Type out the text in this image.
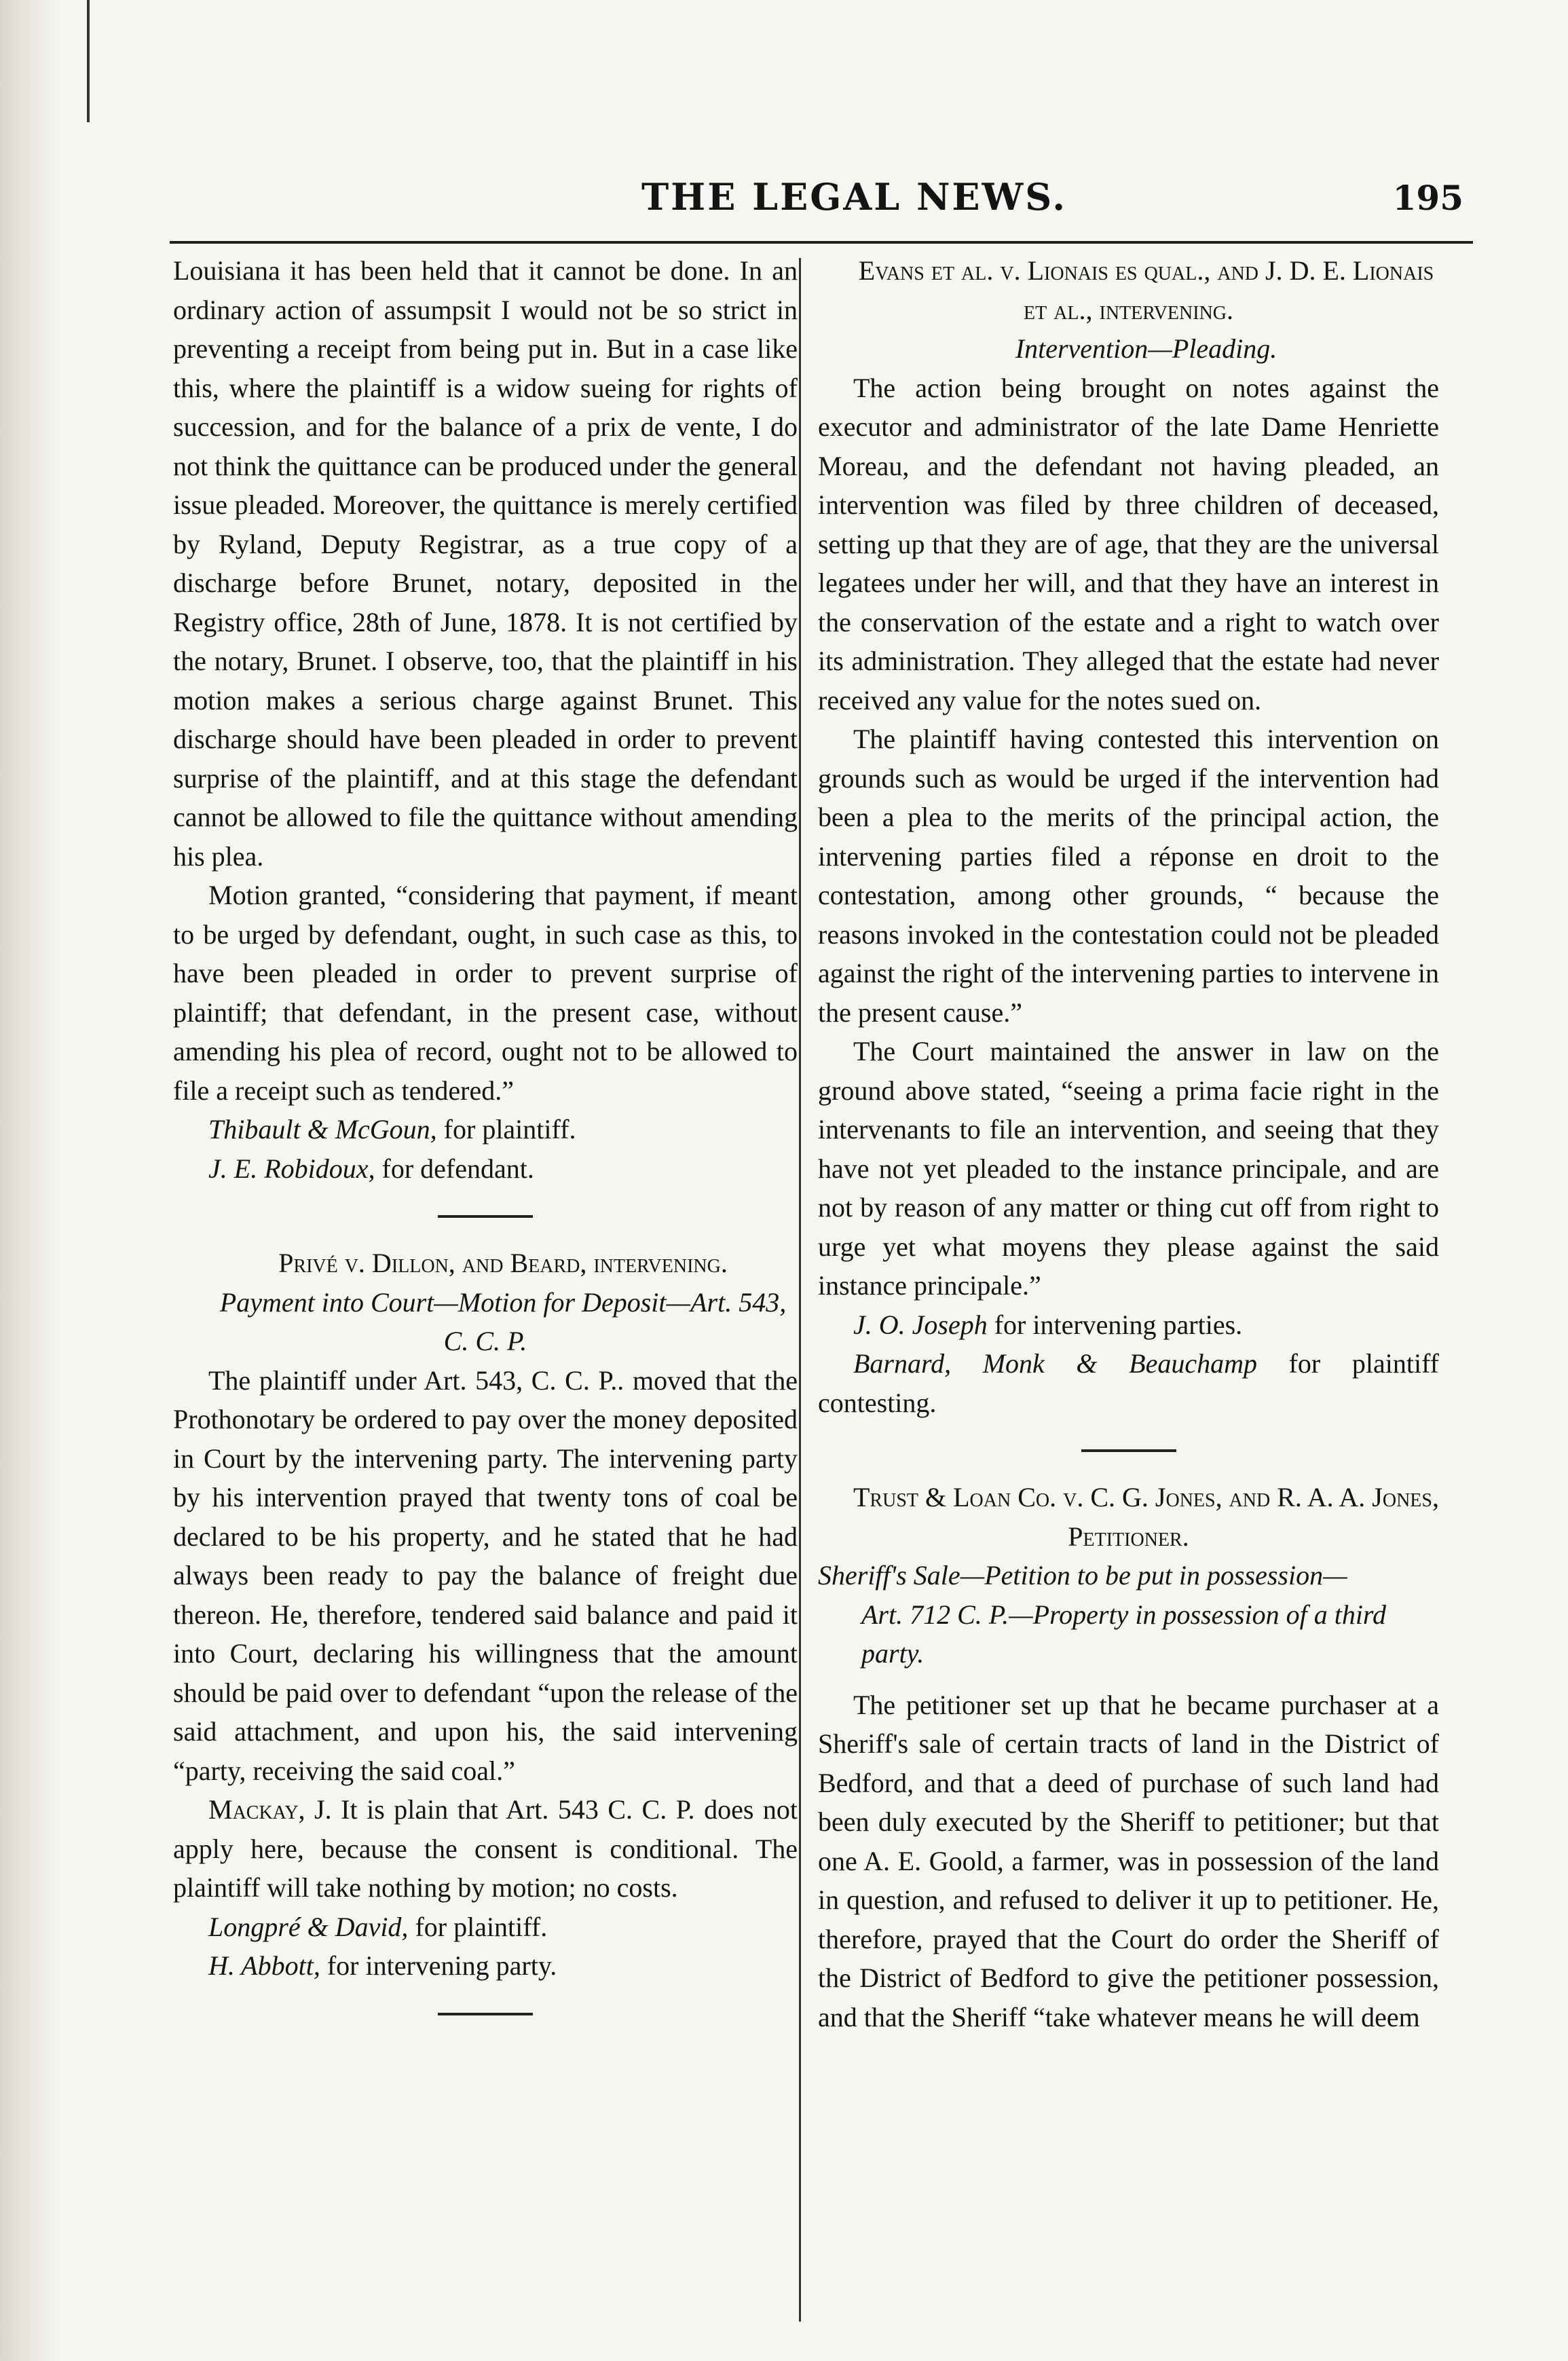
THE LEGAL NEWS.	195

Louisiana it has been held that it cannot be done. In an ordinary action of assumpsit I would not be so strict in preventing a receipt from being put in. But in a case like this, where the plaintiff is a widow sueing for rights of succession, and for the balance of a prix de vente, I do not think the quittance can be produced under the general issue pleaded. Moreover, the quittance is merely certified by Ryland, Deputy Registrar, as a true copy of a discharge before Brunet, notary, deposited in the Registry office, 28th of June, 1878. It is not certified by the notary, Brunet. I observe, too, that the plaintiff in his motion makes a serious charge against Brunet. This discharge should have been pleaded in order to prevent surprise of the plaintiff, and at this stage the defendant cannot be allowed to file the quittance without amending his plea.

Motion granted, “considering that payment, if meant to be urged by defendant, ought, in such case as this, to have been pleaded in order to prevent surprise of plaintiff; that defendant, in the present case, without amending his plea of record, ought not to be allowed to file a receipt such as tendered.”

Thibault & McGoun, for plaintiff.

J. E. Robidoux, for defendant.

Privé v. Dillon, and Beard, intervening.

Payment into Court—Motion for Deposit—Art. 543, C. C. P.

The plaintiff under Art. 543, C. C. P.. moved that the Prothonotary be ordered to pay over the money deposited in Court by the intervening party. The intervening party by his intervention prayed that twenty tons of coal be declared to be his property, and he stated that he had always been ready to pay the balance of freight due thereon. He, therefore, tendered said balance and paid it into Court, declaring his willingness that the amount should be paid over to defendant “upon the release of the said attachment, and upon his, the said intervening “party, receiving the said coal.”

Mackay, J. It is plain that Art. 543 C. C. P. does not apply here, because the consent is conditional. The plaintiff will take nothing by motion; no costs.

Longpré & David, for plaintiff.

H. Abbott, for intervening party.

Evans et al. v. Lionais es qual., and J. D. E. Lionais et al., intervening.

Intervention—Pleading.

The action being brought on notes against the executor and administrator of the late Dame Henriette Moreau, and the defendant not having pleaded, an intervention was filed by three children of deceased, setting up that they are of age, that they are the universal legatees under her will, and that they have an interest in the conservation of the estate and a right to watch over its administration. They alleged that the estate had never received any value for the notes sued on.

The plaintiff having contested this intervention on grounds such as would be urged if the intervention had been a plea to the merits of the principal action, the intervening parties filed a réponse en droit to the contestation, among other grounds, “ because the reasons invoked in the contestation could not be pleaded against the right of the intervening parties to intervene in the present cause.”

The Court maintained the answer in law on the ground above stated, “seeing a prima facie right in the intervenants to file an intervention, and seeing that they have not yet pleaded to the instance principale, and are not by reason of any matter or thing cut off from right to urge yet what moyens they please against the said instance principale.”

J. O. Joseph for intervening parties.

Barnard, Monk & Beauchamp for plaintiff contesting.

Trust & Loan Co. v. C. G. Jones, and R. A. A. Jones, Petitioner.

Sheriff's Sale—Petition to be put in possession—
Art. 712 C. P.—Property in possession of a third party.

The petitioner set up that he became purchaser at a Sheriff's sale of certain tracts of land in the District of Bedford, and that a deed of purchase of such land had been duly executed by the Sheriff to petitioner; but that one A. E. Goold, a farmer, was in possession of the land in question, and refused to deliver it up to petitioner. He, therefore, prayed that the Court do order the Sheriff of the District of Bedford to give the petitioner possession, and that the Sheriff “take whatever means he will deem
